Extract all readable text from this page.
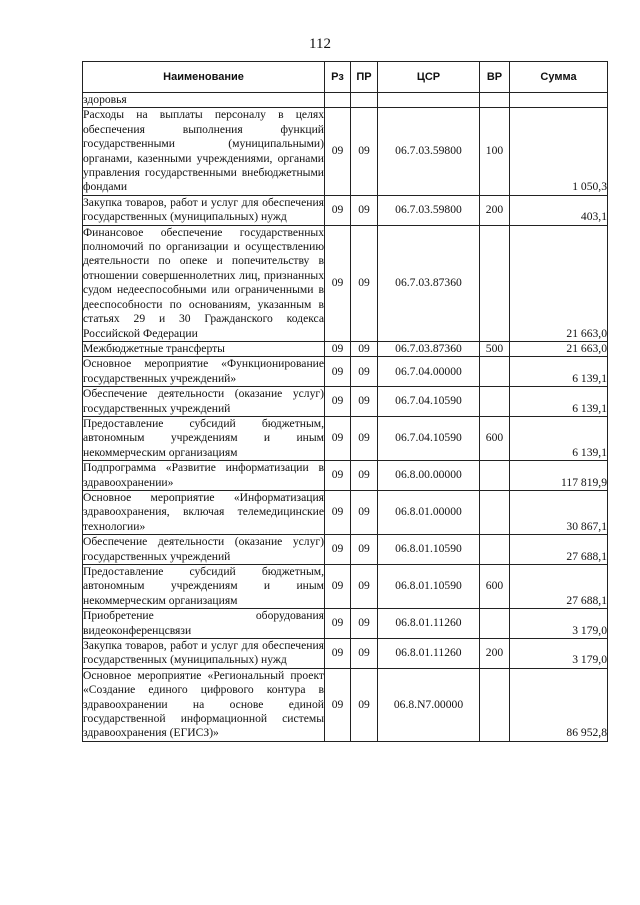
112
Наименование	Рз	ПР	ЦСР	ВР	Сумма
здоровья					
Расходы на выплаты персоналу в целях обеспечения выполнения функций государственными (муниципальными) органами, казенными учреждениями, органами управления государственными внебюджетными фондами	09	09	06.7.03.59800	100	1 050,3
Закупка товаров, работ и услуг для обеспечения государственных (муниципальных) нужд	09	09	06.7.03.59800	200	403,1
Финансовое обеспечение государственных полномочий по организации и осуществлению деятельности по опеке и попечительству в отношении совершеннолетних лиц, признанных судом недееспособными или ограниченными в дееспособности по основаниям, указанным в статьях 29 и 30 Гражданского кодекса Российской Федерации	09	09	06.7.03.87360		21 663,0
Межбюджетные трансферты	09	09	06.7.03.87360	500	21 663,0
Основное мероприятие «Функционирование государственных учреждений»	09	09	06.7.04.00000		6 139,1
Обеспечение деятельности (оказание услуг) государственных учреждений	09	09	06.7.04.10590		6 139,1
Предоставление субсидий бюджетным, автономным учреждениям и иным некоммерческим организациям	09	09	06.7.04.10590	600	6 139,1
Подпрограмма «Развитие информатизации в здравоохранении»	09	09	06.8.00.00000		117 819,9
Основное мероприятие «Информатизация здравоохранения, включая телемедицинские технологии»	09	09	06.8.01.00000		30 867,1
Обеспечение деятельности (оказание услуг) государственных учреждений	09	09	06.8.01.10590		27 688,1
Предоставление субсидий бюджетным, автономным учреждениям и иным некоммерческим организациям	09	09	06.8.01.10590	600	27 688,1
Приобретение оборудования видеоконференцсвязи	09	09	06.8.01.11260		3 179,0
Закупка товаров, работ и услуг для обеспечения государственных (муниципальных) нужд	09	09	06.8.01.11260	200	3 179,0
Основное мероприятие «Региональный проект «Создание единого цифрового контура в здравоохранении на основе единой государственной информационной системы здравоохранения (ЕГИСЗ)»	09	09	06.8.N7.00000		86 952,8
